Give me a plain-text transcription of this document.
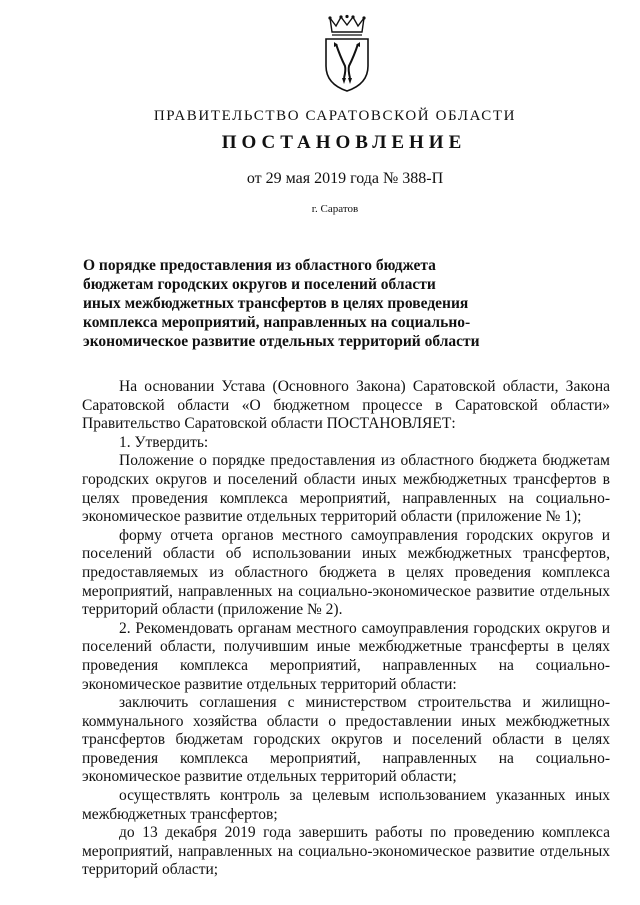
ПРАВИТЕЛЬСТВО САРАТОВСКОЙ ОБЛАСТИ
ПОСТАНОВЛЕНИЕ
от 29 мая 2019 года № 388-П
г. Саратов
О порядке предоставления из областного бюджета
бюджетам городских округов и поселений области
иных межбюджетных трансфертов в целях проведения
комплекса мероприятий, направленных на социально-
экономическое развитие отдельных территорий области

На основании Устава (Основного Закона) Саратовской области, Закона Саратовской области «О бюджетном процессе в Саратовской области» Правительство Саратовской области ПОСТАНОВЛЯЕТ:

1. Утвердить:

Положение о порядке предоставления из областного бюджета бюджетам городских округов и поселений области иных межбюджетных трансфертов в целях проведения комплекса мероприятий, направленных на социально-экономическое развитие отдельных территорий области (приложение № 1);

форму отчета органов местного самоуправления городских округов и поселений области об использовании иных межбюджетных трансфертов, предоставляемых из областного бюджета в целях проведения комплекса мероприятий, направленных на социально-экономическое развитие отдельных территорий области (приложение № 2).

2. Рекомендовать органам местного самоуправления городских округов и поселений области, получившим иные межбюджетные трансферты в целях проведения комплекса мероприятий, направленных на социально-экономическое развитие отдельных территорий области:

заключить соглашения с министерством строительства и жилищно-коммунального хозяйства области о предоставлении иных межбюджетных трансфертов бюджетам городских округов и поселений области в целях проведения комплекса мероприятий, направленных на социально-экономическое развитие отдельных территорий области;

осуществлять контроль за целевым использованием указанных иных межбюджетных трансфертов;

до 13 декабря 2019 года завершить работы по проведению комплекса мероприятий, направленных на социально-экономическое развитие отдельных территорий области;
